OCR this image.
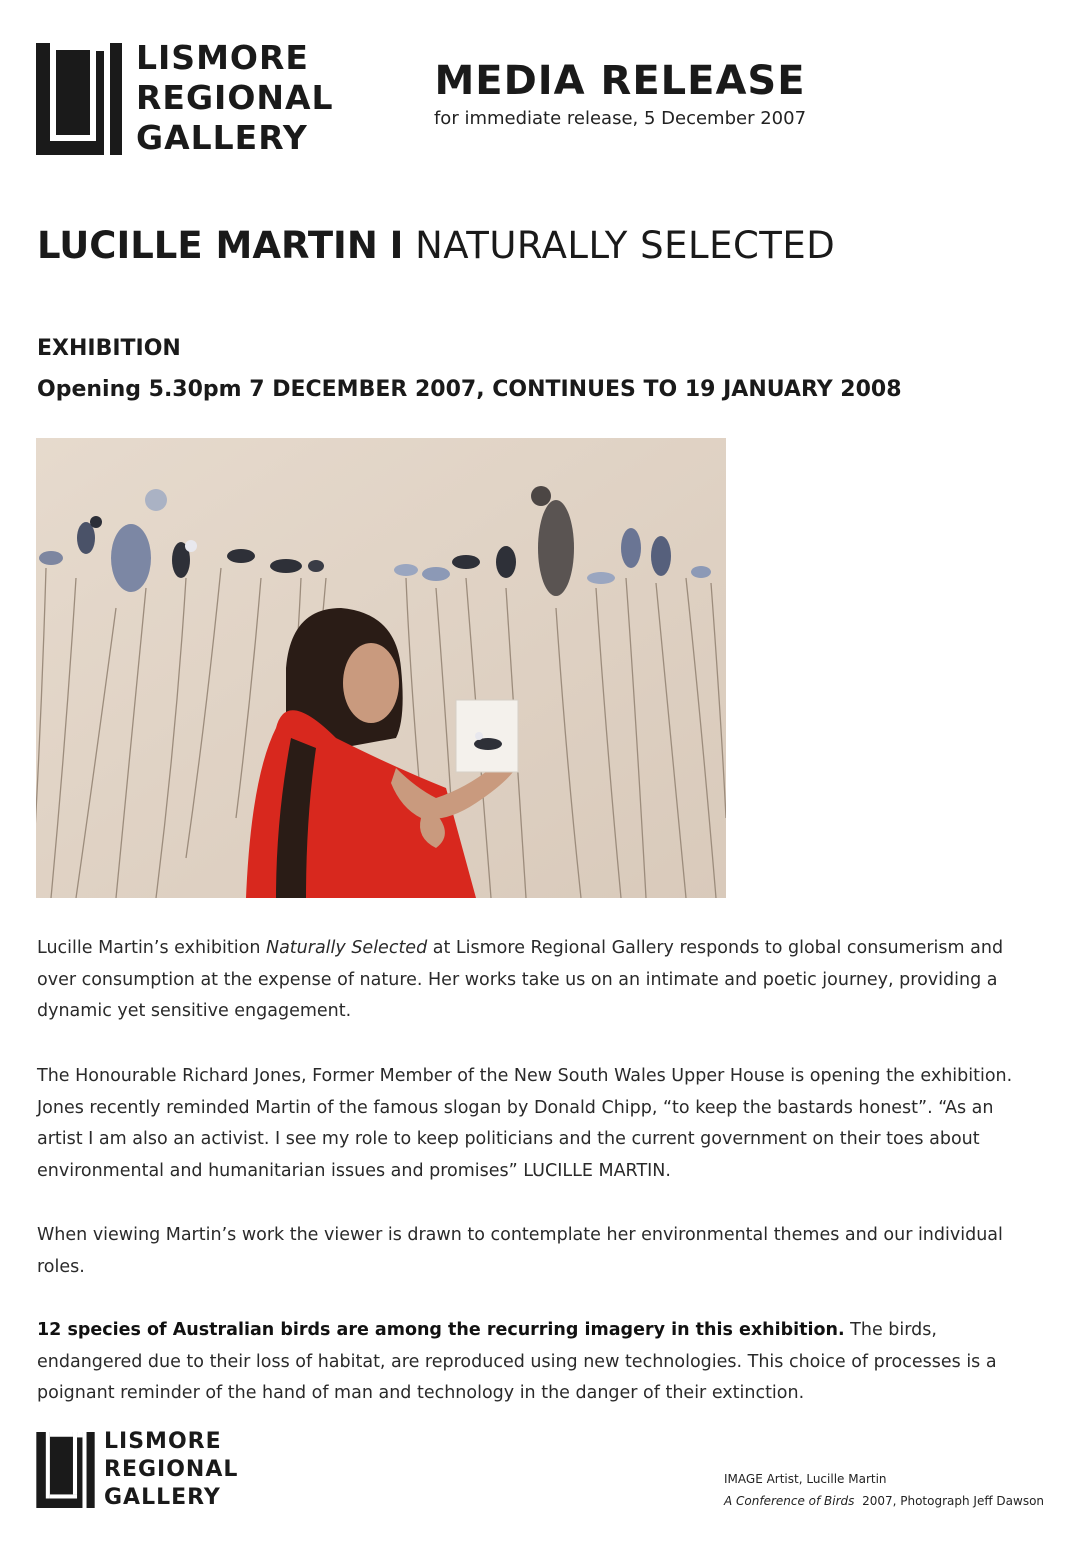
LISMORE
REGIONAL
GALLERY
MEDIA RELEASE
for immediate release, 5 December 2007
LUCILLE MARTIN I NATURALLY SELECTED
EXHIBITION
Opening 5.30pm 7 DECEMBER 2007, CONTINUES TO 19 JANUARY 2008

Lucille Martin’s exhibition Naturally Selected at Lismore Regional Gallery responds to global consumerism and over consumption at the expense of nature. Her works take us on an intimate and poetic journey, providing a dynamic yet sensitive engagement.

The Honourable Richard Jones, Former Member of the New South Wales Upper House is opening the exhibition. Jones recently reminded Martin of the famous slogan by Donald Chipp, “to keep the bastards honest”. “As an artist I am also an activist. I see my role to keep politicians and the current government on their toes about environmental and humanitarian issues and promises” LUCILLE MARTIN.

When viewing Martin’s work the viewer is drawn to contemplate her environmental themes and our individual roles.

12 species of Australian birds are among the recurring imagery in this exhibition. The birds, endangered due to their loss of habitat, are reproduced using new technologies. This choice of processes is a poignant reminder of the hand of man and technology in the danger of their extinction.

LISMORE
REGIONAL
GALLERY
IMAGE Artist, Lucille Martin
A Conference of Birds  2007, Photograph Jeff Dawson
